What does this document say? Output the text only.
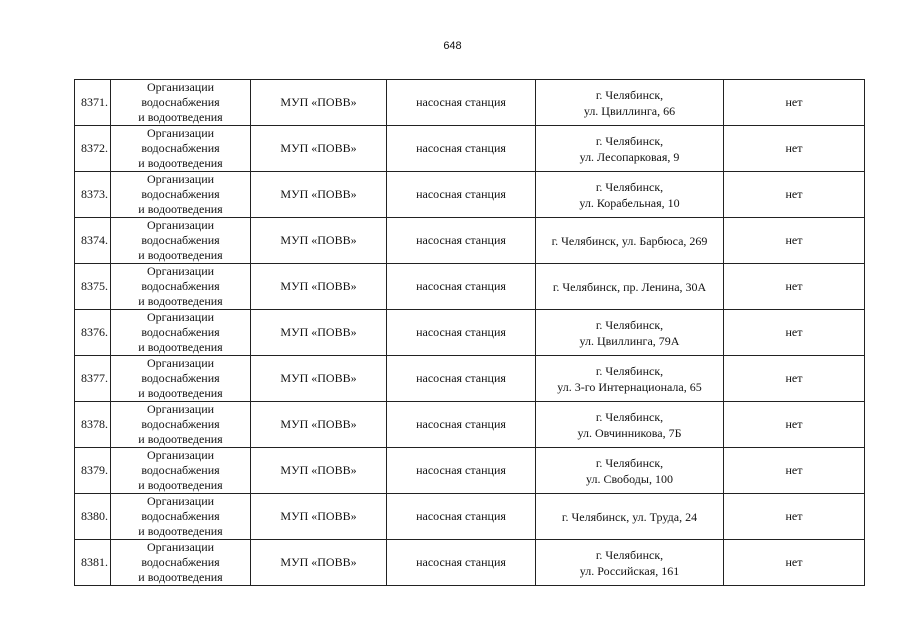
648
8371.	Организации
водоснабжения
и водоотведения	МУП «ПОВВ»	насосная станция	г. Челябинск,
ул. Цвиллинга, 66	нет
8372.	Организации
водоснабжения
и водоотведения	МУП «ПОВВ»	насосная станция	г. Челябинск,
ул. Лесопарковая, 9	нет
8373.	Организации
водоснабжения
и водоотведения	МУП «ПОВВ»	насосная станция	г. Челябинск,
ул. Корабельная, 10	нет
8374.	Организации
водоснабжения
и водоотведения	МУП «ПОВВ»	насосная станция	г. Челябинск, ул. Барбюса, 269	нет
8375.	Организации
водоснабжения
и водоотведения	МУП «ПОВВ»	насосная станция	г. Челябинск, пр. Ленина, 30А	нет
8376.	Организации
водоснабжения
и водоотведения	МУП «ПОВВ»	насосная станция	г. Челябинск,
ул. Цвиллинга, 79А	нет
8377.	Организации
водоснабжения
и водоотведения	МУП «ПОВВ»	насосная станция	г. Челябинск,
ул. 3-го Интернационала, 65	нет
8378.	Организации
водоснабжения
и водоотведения	МУП «ПОВВ»	насосная станция	г. Челябинск,
ул. Овчинникова, 7Б	нет
8379.	Организации
водоснабжения
и водоотведения	МУП «ПОВВ»	насосная станция	г. Челябинск,
ул. Свободы, 100	нет
8380.	Организации
водоснабжения
и водоотведения	МУП «ПОВВ»	насосная станция	г. Челябинск, ул. Труда, 24	нет
8381.	Организации
водоснабжения
и водоотведения	МУП «ПОВВ»	насосная станция	г. Челябинск,
ул. Российская, 161	нет
